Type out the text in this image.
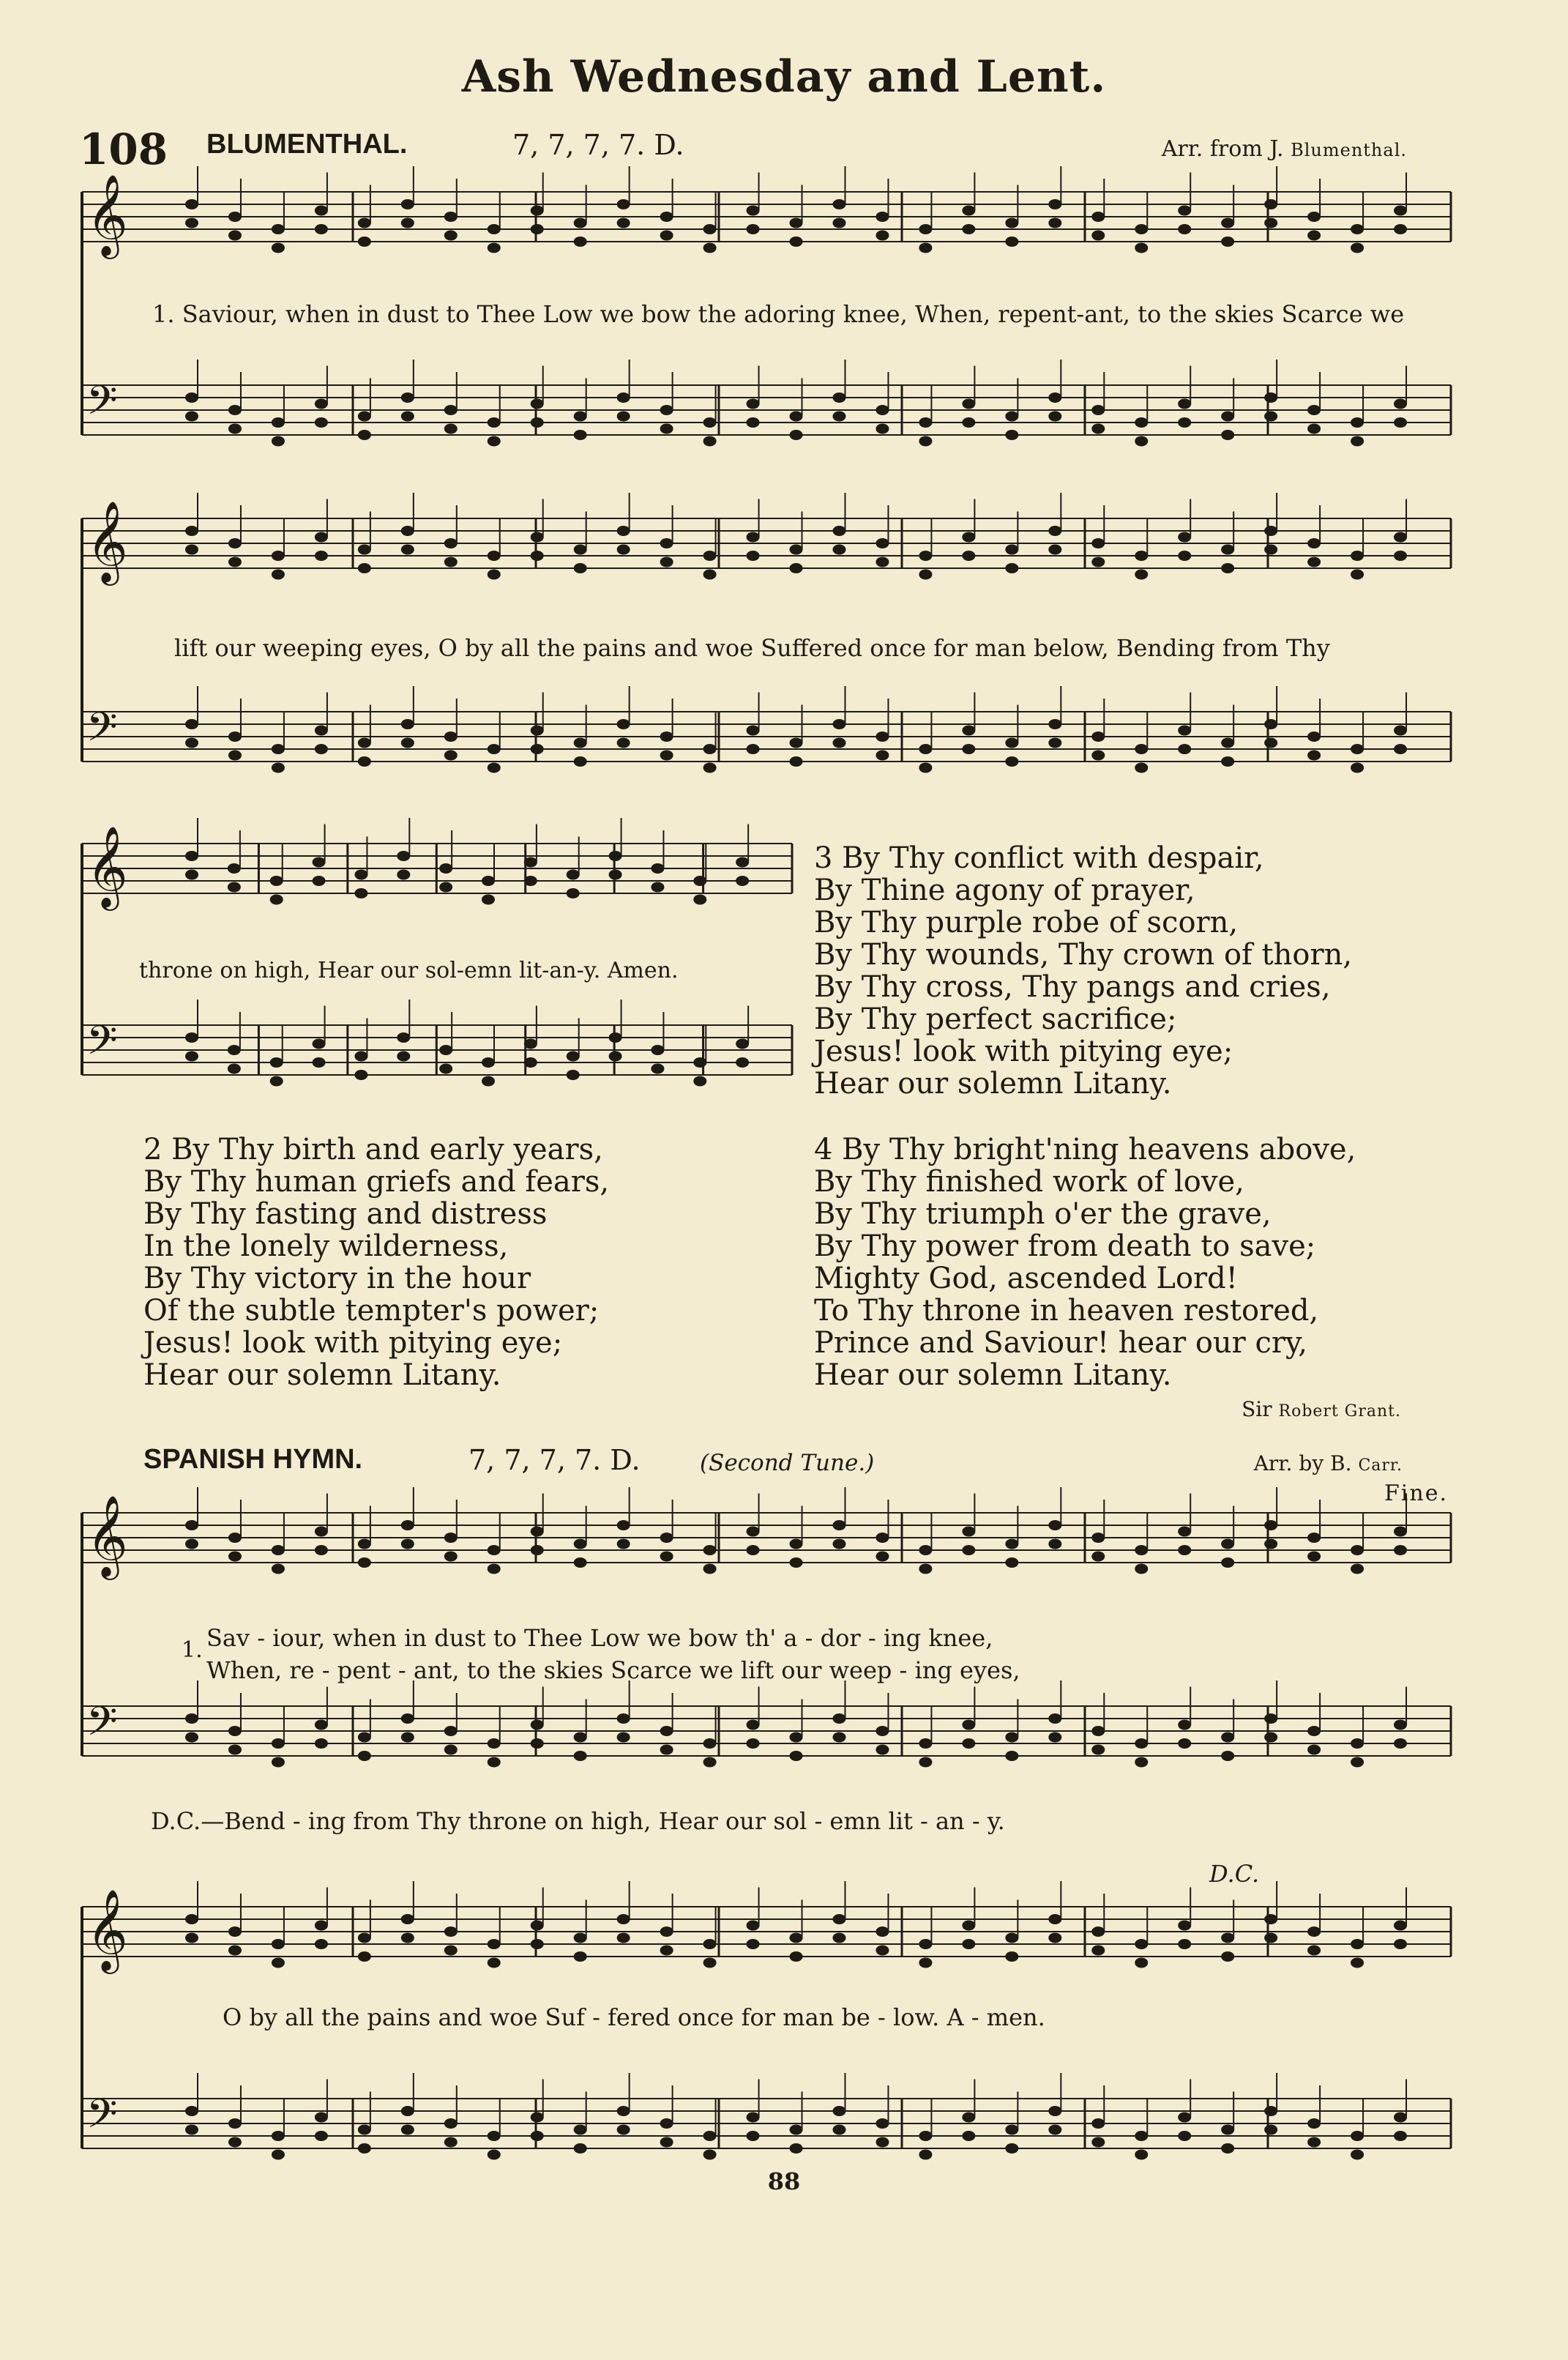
𝄞
𝄢
𝄞
𝄢
𝄞
𝄢
𝄞
𝄢
𝄞
𝄢
Ash Wednesday and Lent.
108 BLUMENTHAL.	7, 7, 7, 7. D.	Arr. from J. Blumenthal.
1. Saviour, when in dust to Thee Low we bow the adoring knee, When, repent-ant, to the skies Scarce we
lift our weeping eyes, O by all the pains and woe Suffered once for man below, Bending from Thy
throne on high, Hear our sol-emn lit-an-y. Amen.
3 By Thy conflict with despair,
By Thine agony of prayer,
By Thy purple robe of scorn,
By Thy wounds, Thy crown of thorn,
By Thy cross, Thy pangs and cries,
By Thy perfect sacrifice;
Jesus! look with pitying eye;
Hear our solemn Litany.
2 By Thy birth and early years,
By Thy human griefs and fears,
By Thy fasting and distress
In the lonely wilderness,
By Thy victory in the hour
Of the subtle tempter's power;
Jesus! look with pitying eye;
Hear our solemn Litany.
4 By Thy bright'ning heavens above,
By Thy finished work of love,
By Thy triumph o'er the grave,
By Thy power from death to save;
Mighty God, ascended Lord!
To Thy throne in heaven restored,
Prince and Saviour! hear our cry,
Hear our solemn Litany.
Sir Robert Grant.
SPANISH HYMN.	7, 7, 7, 7. D.	(Second Tune.)	Arr. by B. Carr.
Fine.
1. Sav - iour, when in dust to Thee Low we bow th' a - dor - ing knee,
When, re - pent - ant, to the skies Scarce we lift our weep - ing eyes,
D.C.—Bend - ing from Thy throne on high, Hear our sol - emn lit - an - y.
D.C.
O by all the pains and woe Suf - fered once for man be - low. A - men.
88
